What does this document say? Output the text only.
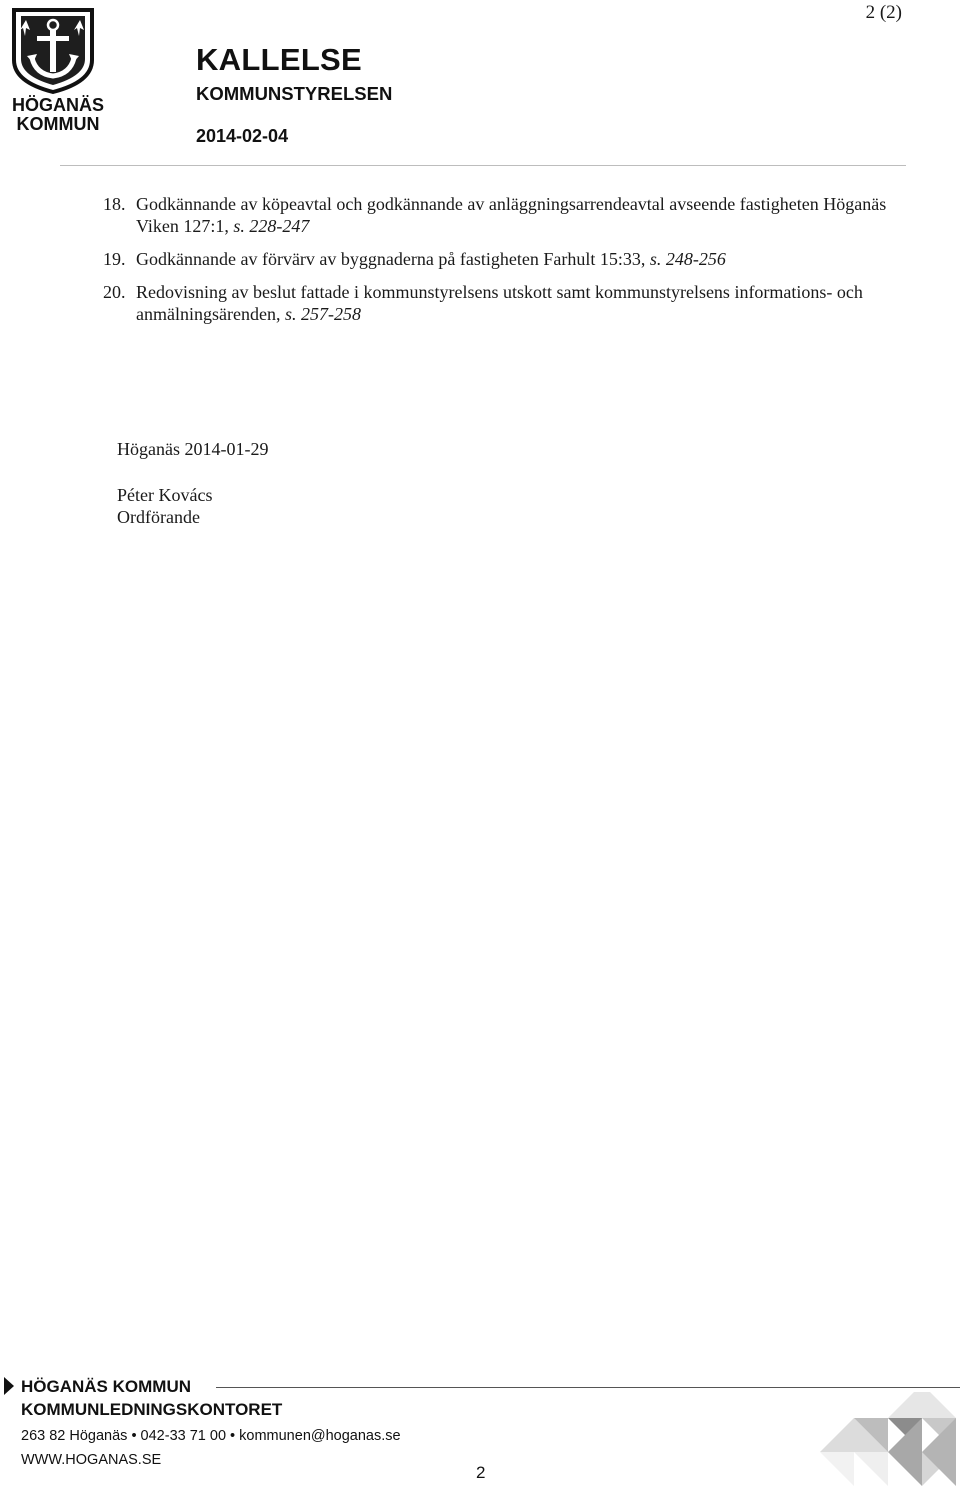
2 (2)
HÖGANÄS
KOMMUN
KALLELSE
KOMMUNSTYRELSEN
2014-02-04
18. Godkännande av köpeavtal och godkännande av anläggningsarrendeavtal avseende fastigheten Höganäs Viken 127:1, s. 228-247
19. Godkännande av förvärv av byggnaderna på fastigheten Farhult 15:33, s. 248-256
20. Redovisning av beslut fattade i kommunstyrelsens utskott samt kommunstyrelsens informations- och anmälningsärenden, s. 257-258
Höganäs 2014-01-29
Péter Kovács
Ordförande
HÖGANÄS KOMMUN
KOMMUNLEDNINGSKONTORET
263 82 Höganäs • 042-33 71 00 • kommunen@hoganas.se
WWW.HOGANAS.SE
2
